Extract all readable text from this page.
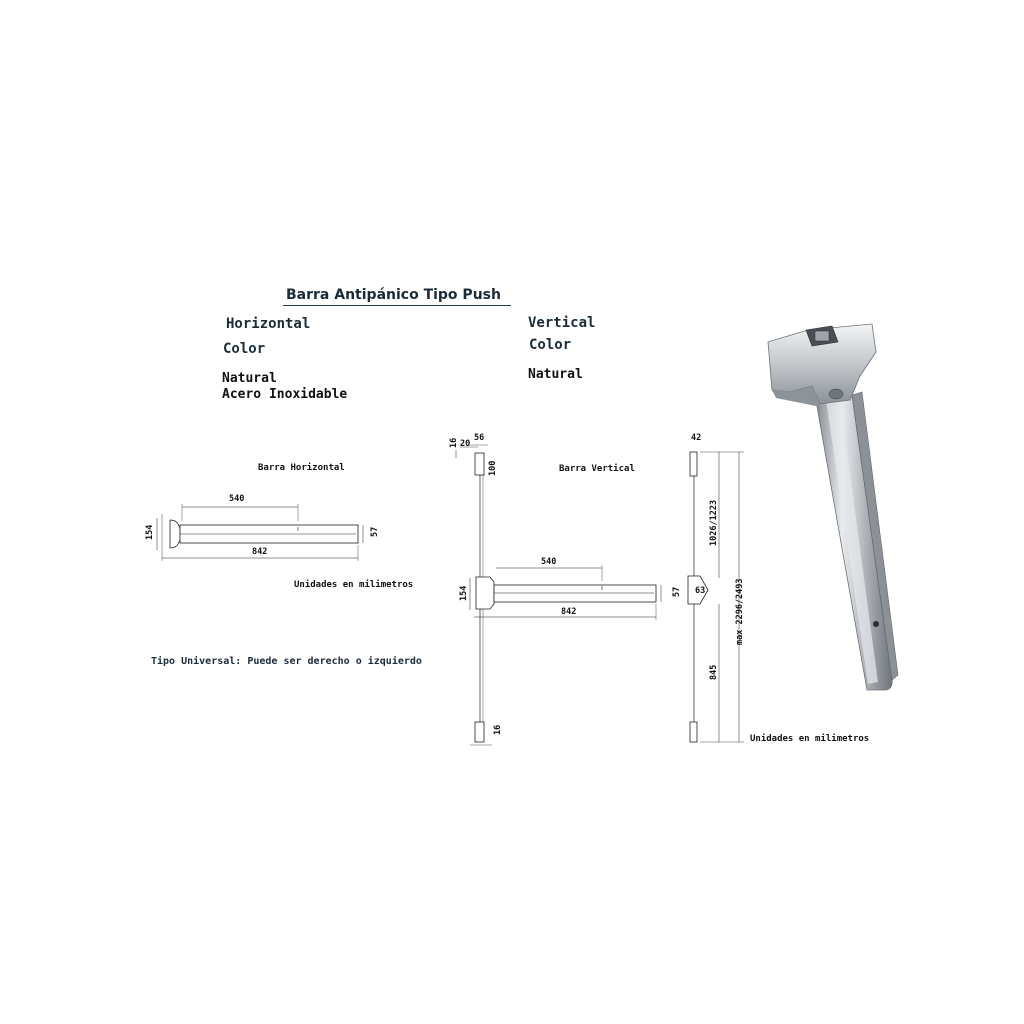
Barra Antipánico Tipo Push
Horizontal
Color
Natural
Acero Inoxidable
Vertical
Color
Natural
Barra Horizontal
Unidades en milimetros
Barra Vertical
Unidades en milimetros
Tipo Universal: Puede ser derecho o izquierdo
540
842
154	57
16 20
56
100
540
842
154	57
16
42
1026/1223
63
845
max 2296/2493
